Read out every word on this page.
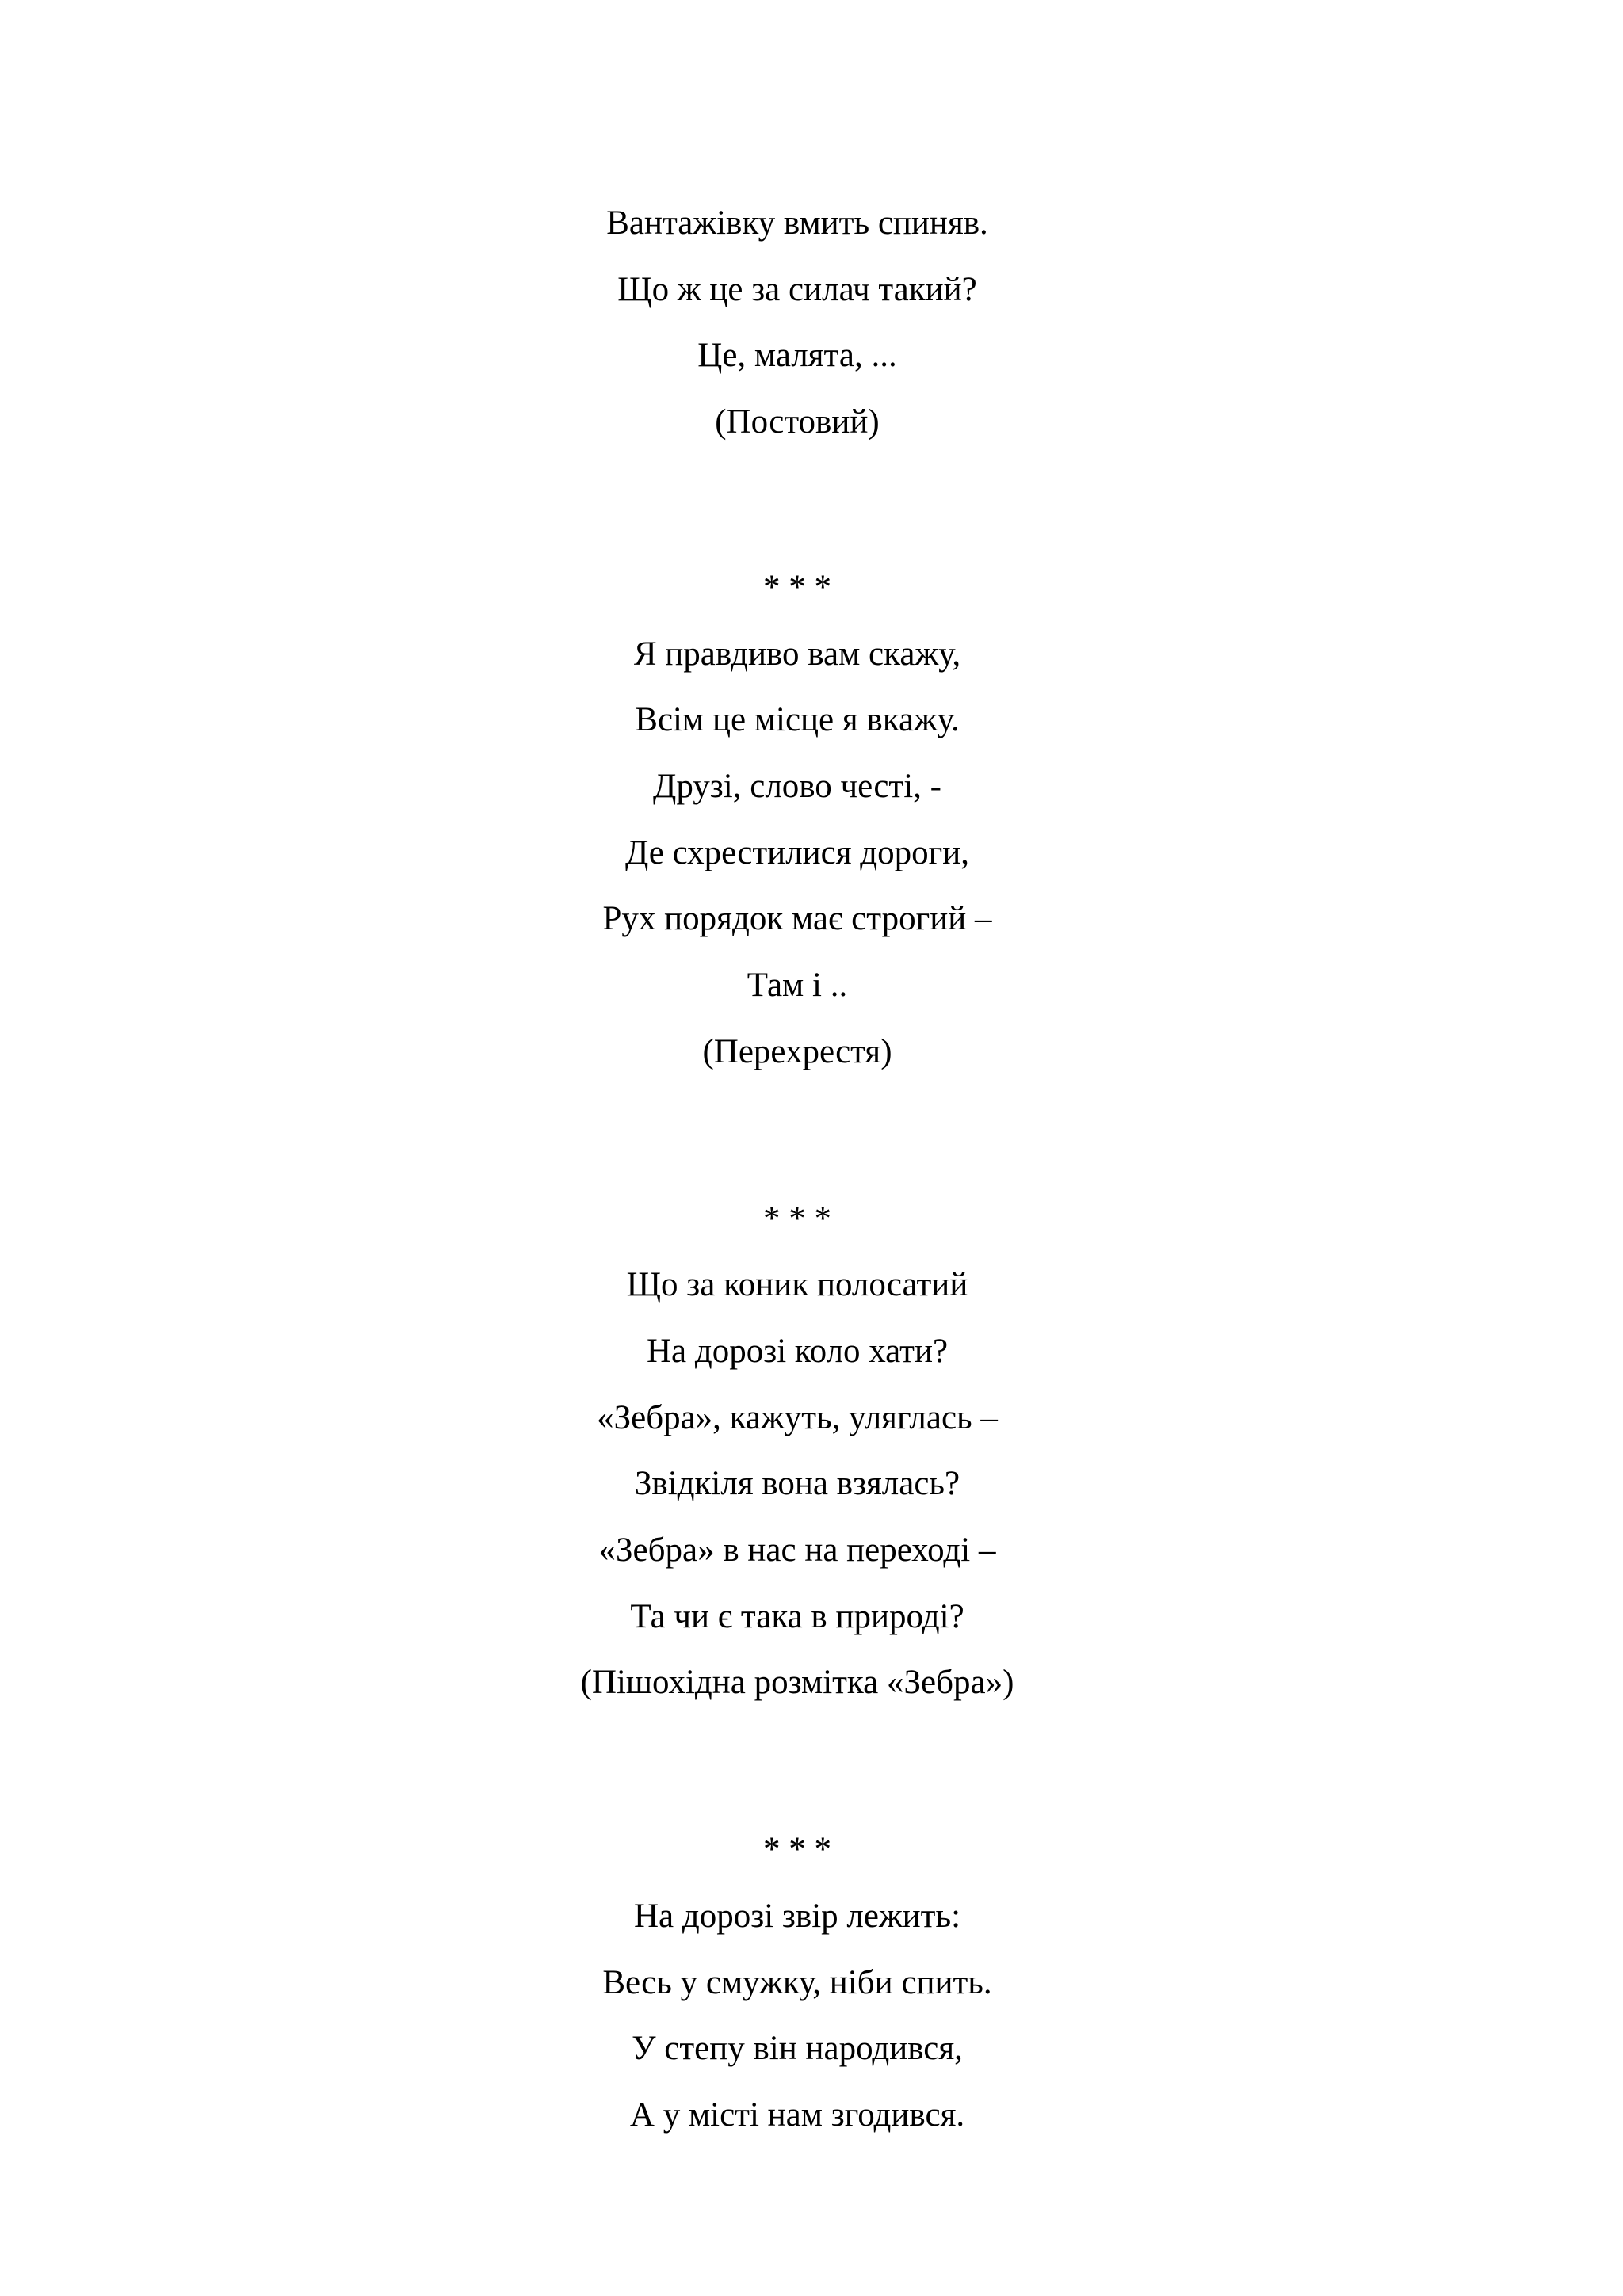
Вантажівку вмить спиняв.
Що ж це за силач такий?
Це, малята, ...
(Постовий)
* * *
Я правдиво вам скажу,
Всім це місце я вкажу.
Друзі, слово честі, -
Де схрестилися дороги,
Рух порядок має строгий –
Там і ..
(Перехрестя)
* * *
Що за коник полосатий
На дорозі коло хати?
«Зебра», кажуть, уляглась –
Звідкіля вона взялась?
«Зебра» в нас на переході –
Та чи є така в природі?
(Пішохідна розмітка «Зебра»)
* * *
На дорозі звір лежить:
Весь у смужку, ніби спить.
У степу він народився,
А у місті нам згодився.
